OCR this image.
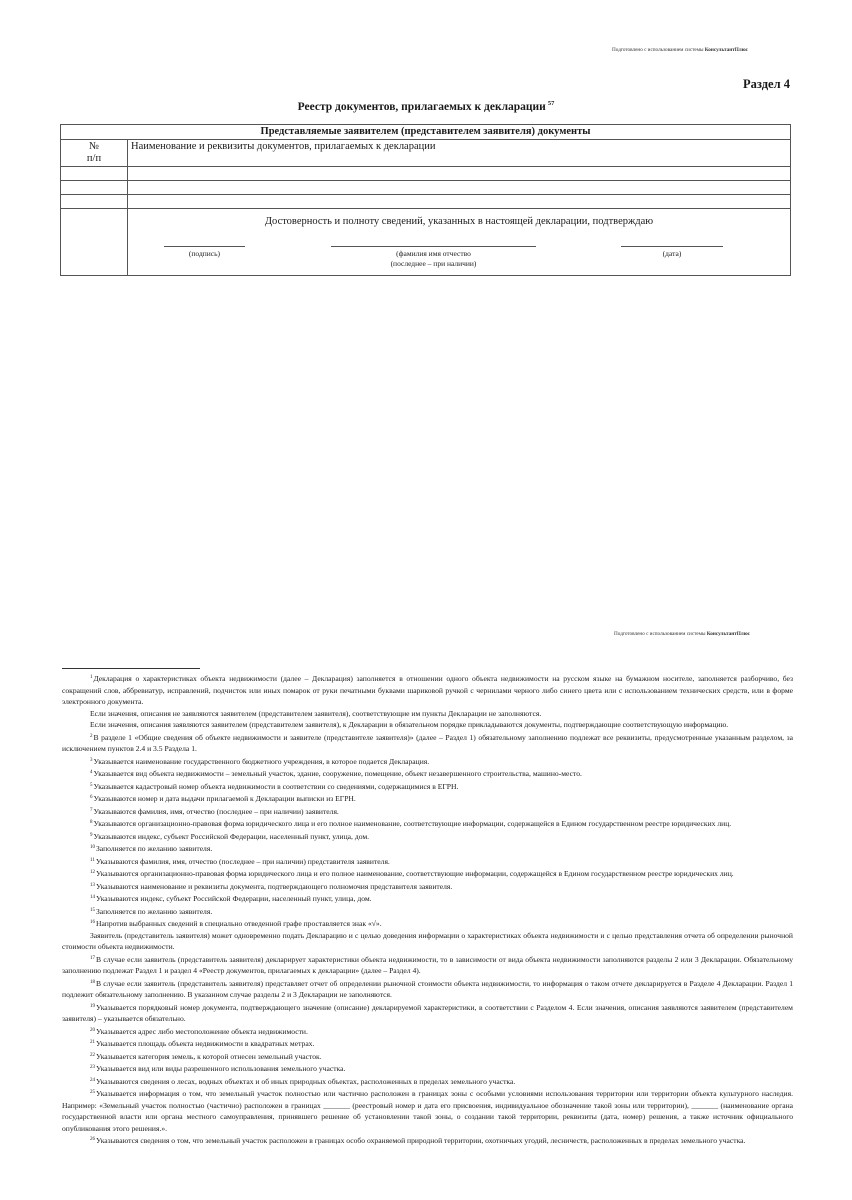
Подготовлено с использованием системы КонсультантПлюс
Раздел 4
Реестр документов, прилагаемых к декларации $^{57}$
Представляемые заявителем (представителем заявителя) документы
№
п/п
Наименование и реквизиты документов, прилагаемых к декларации
Достоверность и полноту сведений, указанных в настоящей декларации, подтверждаю
(подпись)	(фамилия имя отчество
(последнее – при наличии)
(дата)
Подготовлено с использованием системы КонсультантПлюс

$^1$Декларация о характеристиках объекта недвижимости (далее – Декларация) заполняется в отношении одного объекта недвижимости на русском языке на бумажном носителе, заполняется разборчиво, без сокращений слов, аббревиатур, исправлений, подчисток или иных помарок от руки печатными буквами шариковой ручкой с чернилами черного либо синего цвета или с использованием технических средств, или в форме электронного документа.

Если значения, описания не заявляются заявителем (представителем заявителя), соответствующие им пункты Декларации не заполняются.

Если значения, описания заявляются заявителем (представителем заявителя), к Декларации в обязательном порядке прикладываются документы, подтверждающие соответствующую информацию.

$^2$В разделе 1 «Общие сведения об объекте недвижимости и заявителе (представителе заявителя)» (далее – Раздел 1) обязательному заполнению подлежат все реквизиты, предусмотренные указанным разделом, за исключением пунктов 2.4 и 3.5 Раздела 1.

$^3$Указывается наименование государственного бюджетного учреждения, в которое подается Декларация.

$^4$Указывается вид объекта недвижимости – земельный участок, здание, сооружение, помещение, объект незавершенного строительства, машино-место.

$^5$Указывается кадастровый номер объекта недвижимости в соответствии со сведениями, содержащимися в ЕГРН.

$^6$Указываются номер и дата выдачи прилагаемой к Декларации выписки из ЕГРН.

$^7$Указываются фамилия, имя, отчество (последнее – при наличии) заявителя.

$^8$Указываются организационно-правовая форма юридического лица и его полное наименование, соответствующие информации, содержащейся в Едином государственном реестре юридических лиц.

$^9$Указываются индекс, субъект Российской Федерации, населенный пункт, улица, дом.

$^{10}$Заполняется по желанию заявителя.

$^{11}$Указываются фамилия, имя, отчество (последнее – при наличии) представителя заявителя.

$^{12}$Указываются организационно-правовая форма юридического лица и его полное наименование, соответствующие информации, содержащейся в Едином государственном реестре юридических лиц.

$^{13}$Указываются наименование и реквизиты документа, подтверждающего полномочия представителя заявителя.

$^{14}$Указываются индекс, субъект Российской Федерации, населенный пункт, улица, дом.

$^{15}$Заполняется по желанию заявителя.

$^{16}$Напротив выбранных сведений в специально отведенной графе проставляется знак «√».

Заявитель (представитель заявителя) может одновременно подать Декларацию и с целью доведения информации о характеристиках объекта недвижимости и с целью представления отчета об определении рыночной стоимости объекта недвижимости.

$^{17}$В случае если заявитель (представитель заявителя) декларирует характеристики объекта недвижимости, то в зависимости от вида объекта недвижимости заполняются разделы 2 или 3 Декларации. Обязательному заполнению подлежат Раздел 1 и раздел 4 «Реестр документов, прилагаемых к декларации» (далее – Раздел 4).

$^{18}$В случае если заявитель (представитель заявителя) представляет отчет об определении рыночной стоимости объекта недвижимости, то информация о таком отчете декларируется в Разделе 4 Декларации. Раздел 1 подлежит обязательному заполнению. В указанном случае разделы 2 и 3 Декларации не заполняются.

$^{19}$Указывается порядковый номер документа, подтверждающего значение (описание) декларируемой характеристики, в соответствии с Разделом 4. Если значения, описания заявляются заявителем (представителем заявителя) – указывается обязательно.

$^{20}$Указывается адрес либо местоположение объекта недвижимости.

$^{21}$Указывается площадь объекта недвижимости в квадратных метрах.

$^{22}$Указывается категория земель, к которой отнесен земельный участок.

$^{23}$Указывается вид или виды разрешенного использования земельного участка.

$^{24}$Указываются сведения о лесах, водных объектах и об иных природных объектах, расположенных в пределах земельного участка.

$^{25}$Указывается информация о том, что земельный участок полностью или частично расположен в границах зоны с особыми условиями использования территории или территории объекта культурного наследия. Например: «Земельный участок полностью (частично) расположен в границах _______ (реестровый номер и дата его присвоения, индивидуальное обозначение такой зоны или территории), _______ (наименование органа государственной власти или органа местного самоуправления, принявшего решение об установлении такой зоны, о создании такой территории, реквизиты (дата, номер) решения, а также источник официального опубликования этого решения.».

$^{26}$Указываются сведения о том, что земельный участок расположен в границах особо охраняемой природной территории, охотничьих угодий, лесничеств, расположенных в пределах земельного участка.
